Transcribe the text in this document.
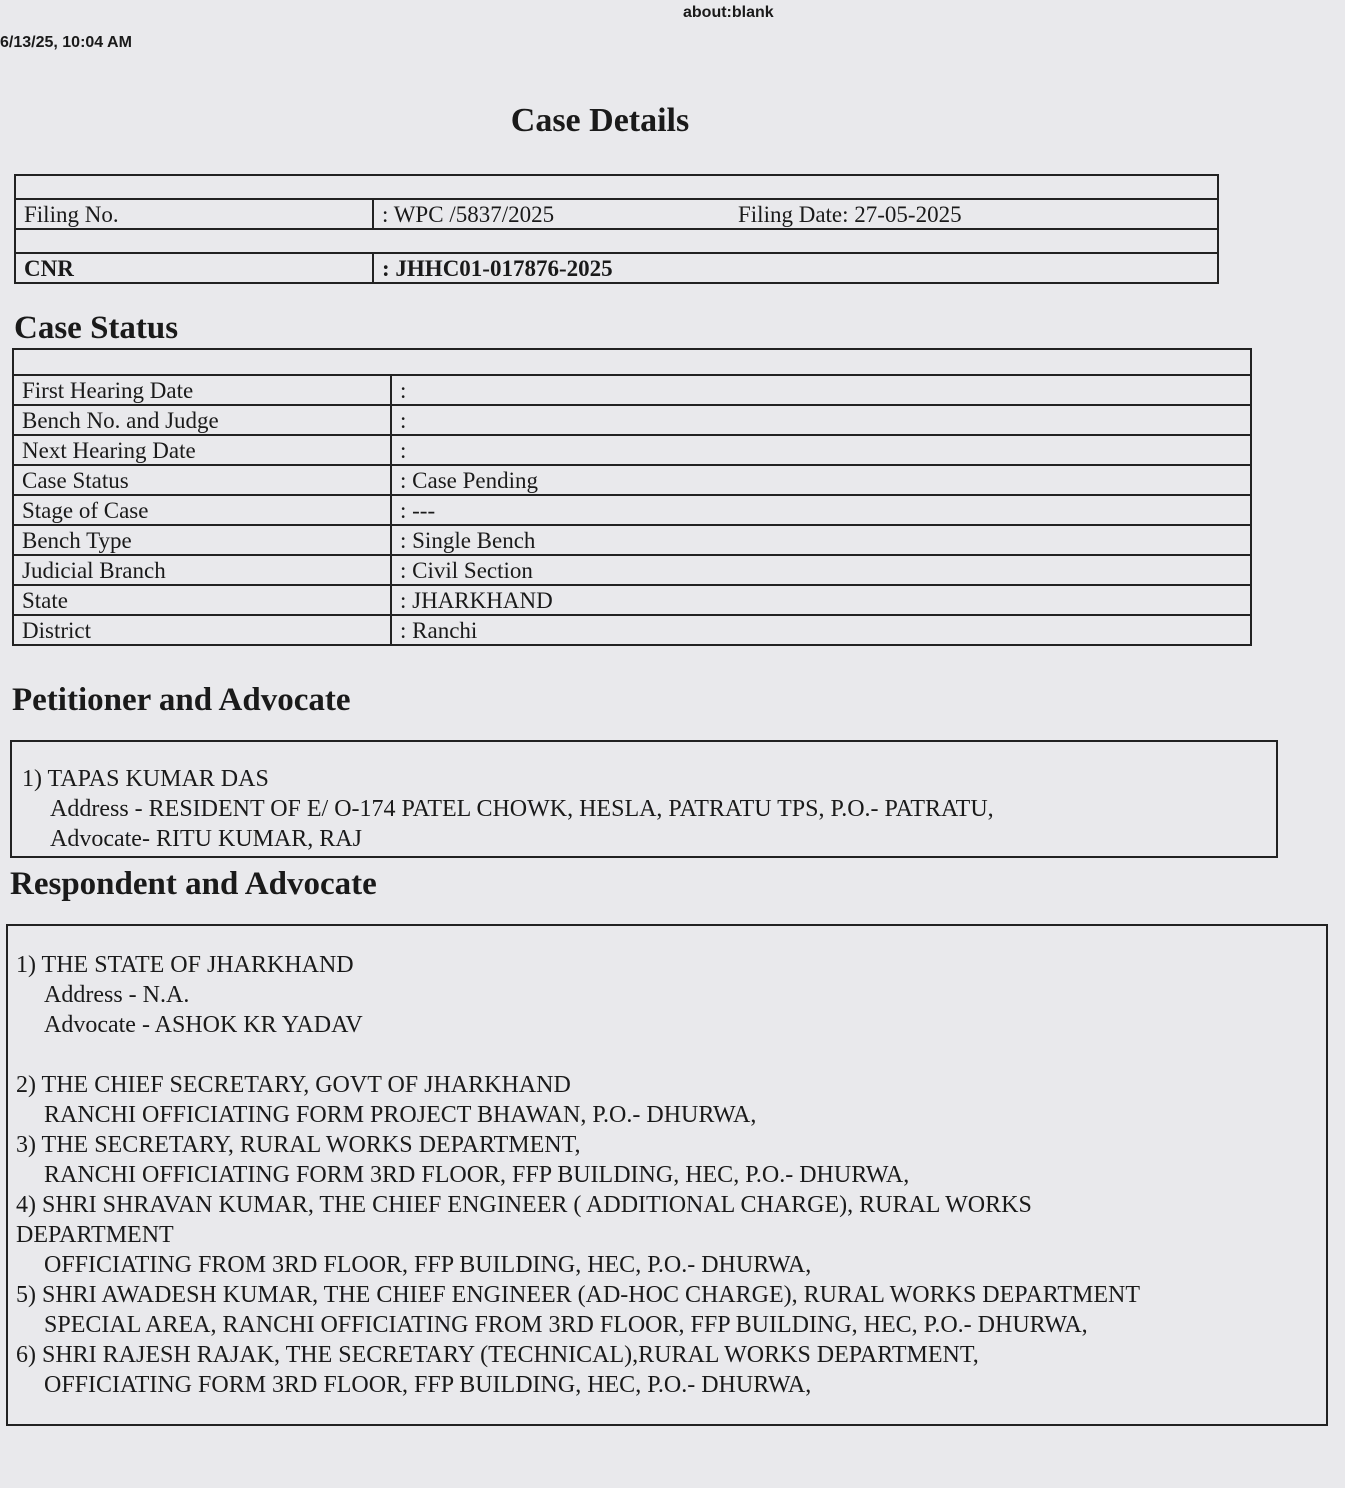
6/13/25, 10:04 AM
about:blank
Case Details

Filing No.	: WPC /5837/2025	Filing Date: 27-05-2025

CNR	: JHHC01-017876-2025	
Case Status

First Hearing Date	:
Bench No. and Judge	:
Next Hearing Date	:
Case Status	: Case Pending
Stage of Case	: ---
Bench Type	: Single Bench
Judicial Branch	: Civil Section
State	: JHARKHAND
District	: Ranchi
Petitioner and Advocate
1) TAPAS KUMAR DAS
Address - RESIDENT OF E/ O-174 PATEL CHOWK, HESLA, PATRATU TPS, P.O.- PATRATU,
Advocate- RITU KUMAR, RAJ
Respondent and Advocate
1) THE STATE OF JHARKHAND
Address - N.A.
Advocate - ASHOK KR YADAV
2) THE CHIEF SECRETARY, GOVT OF JHARKHAND
RANCHI OFFICIATING FORM PROJECT BHAWAN, P.O.- DHURWA,
3) THE SECRETARY, RURAL WORKS DEPARTMENT,
RANCHI OFFICIATING FORM 3RD FLOOR, FFP BUILDING, HEC, P.O.- DHURWA,
4) SHRI SHRAVAN KUMAR, THE CHIEF ENGINEER ( ADDITIONAL CHARGE), RURAL WORKS
DEPARTMENT
OFFICIATING FROM 3RD FLOOR, FFP BUILDING, HEC, P.O.- DHURWA,
5) SHRI AWADESH KUMAR, THE CHIEF ENGINEER (AD-HOC CHARGE), RURAL WORKS DEPARTMENT
SPECIAL AREA, RANCHI OFFICIATING FROM 3RD FLOOR, FFP BUILDING, HEC, P.O.- DHURWA,
6) SHRI RAJESH RAJAK, THE SECRETARY (TECHNICAL),RURAL WORKS DEPARTMENT,
OFFICIATING FORM 3RD FLOOR, FFP BUILDING, HEC, P.O.- DHURWA,
